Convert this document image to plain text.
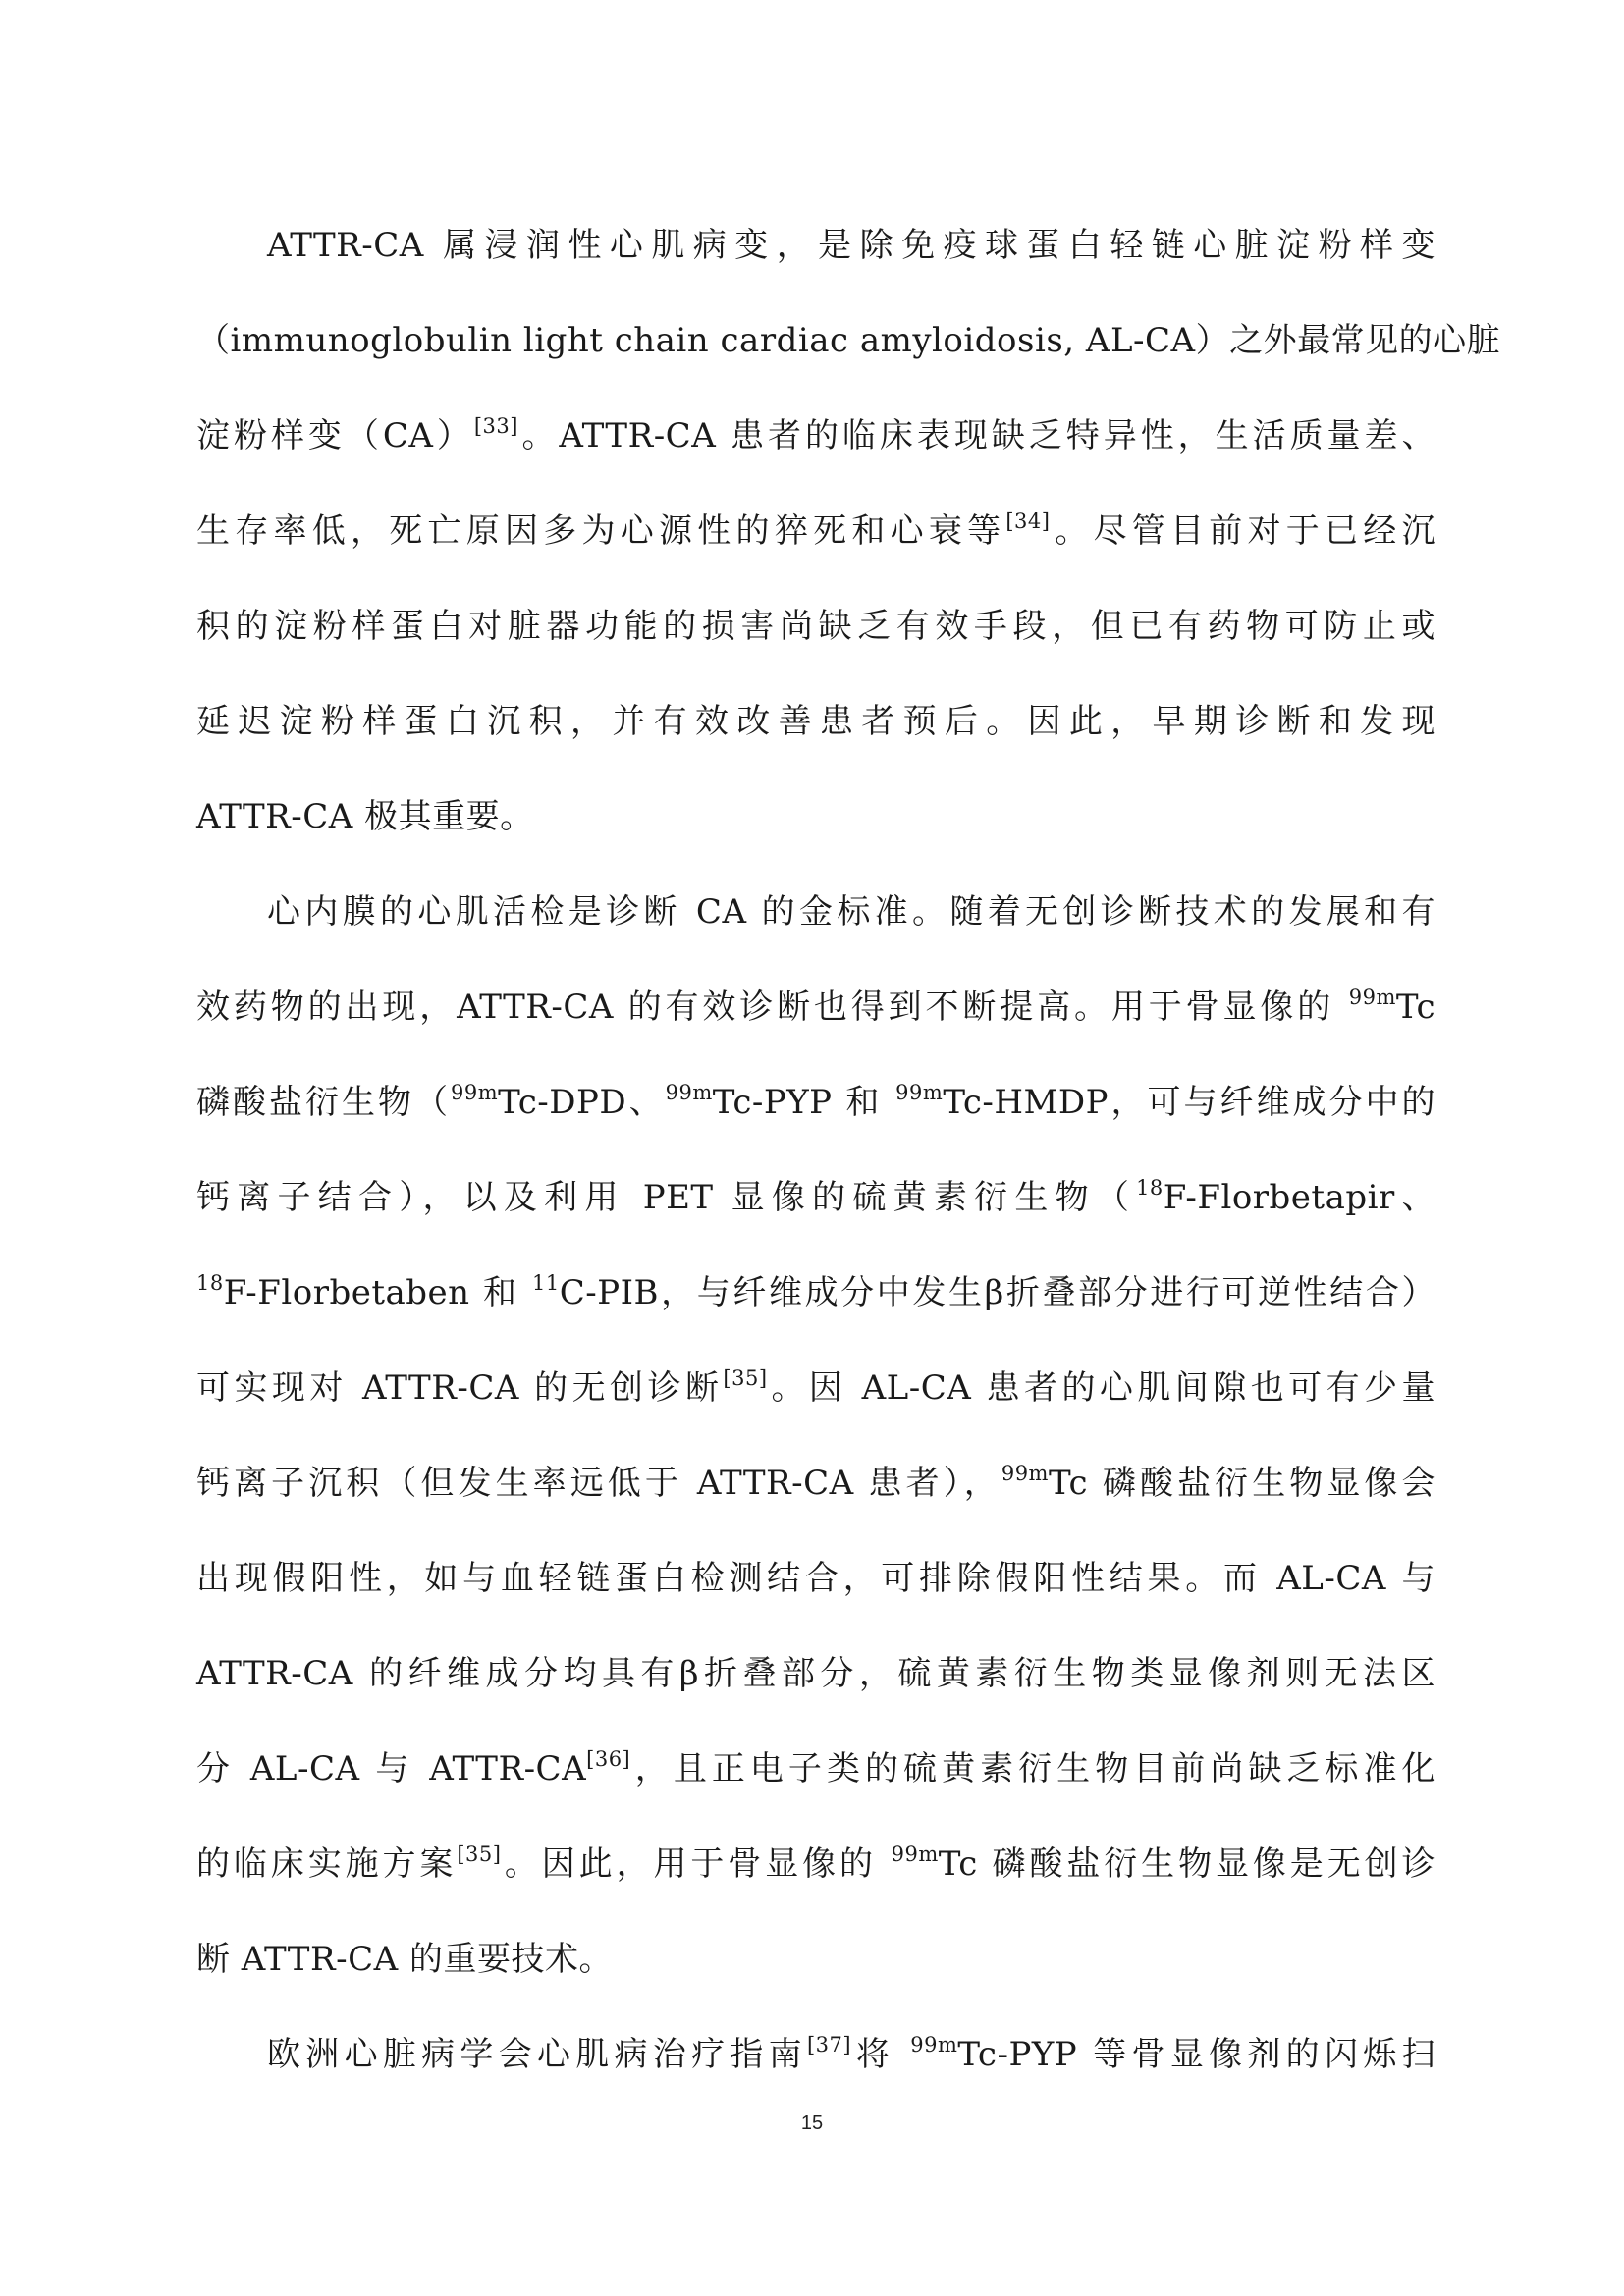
ATTR-CA 属浸润性心肌病变，是除免疫球蛋白轻链心脏淀粉样变
（immunoglobulin light chain cardiac amyloidosis, AL-CA）之外最常见的心脏
淀粉样变（CA）[33]。ATTR-CA 患者的临床表现缺乏特异性，生活质量差、
生存率低，死亡原因多为心源性的猝死和心衰等[34]。尽管目前对于已经沉
积的淀粉样蛋白对脏器功能的损害尚缺乏有效手段，但已有药物可防止或
延迟淀粉样蛋白沉积，并有效改善患者预后。因此，早期诊断和发现
ATTR-CA 极其重要。
心内膜的心肌活检是诊断 CA 的金标准。随着无创诊断技术的发展和有
效药物的出现，ATTR-CA 的有效诊断也得到不断提高。用于骨显像的 $^{99m}$Tc
磷酸盐衍生物（$^{99m}$Tc-DPD、$^{99m}$Tc-PYP 和 $^{99m}$Tc-HMDP，可与纤维成分中的
钙离子结合），以及利用 PET 显像的硫黄素衍生物（$^{18}$F-Florbetapir、
$^{18}$F-Florbetaben 和 $^{11}$C-PIB，与纤维成分中发生β折叠部分进行可逆性结合）
可实现对 ATTR-CA 的无创诊断[35]。因 AL-CA 患者的心肌间隙也可有少量
钙离子沉积（但发生率远低于 ATTR-CA 患者），$^{99m}$Tc 磷酸盐衍生物显像会
出现假阳性，如与血轻链蛋白检测结合，可排除假阳性结果。而 AL-CA 与
ATTR-CA 的纤维成分均具有β折叠部分，硫黄素衍生物类显像剂则无法区
分 AL-CA 与 ATTR-CA[36]，且正电子类的硫黄素衍生物目前尚缺乏标准化
的临床实施方案[35]。因此，用于骨显像的 $^{99m}$Tc 磷酸盐衍生物显像是无创诊
断 ATTR-CA 的重要技术。
欧洲心脏病学会心肌病治疗指南[37]将 $^{99m}$Tc-PYP 等骨显像剂的闪烁扫
15
